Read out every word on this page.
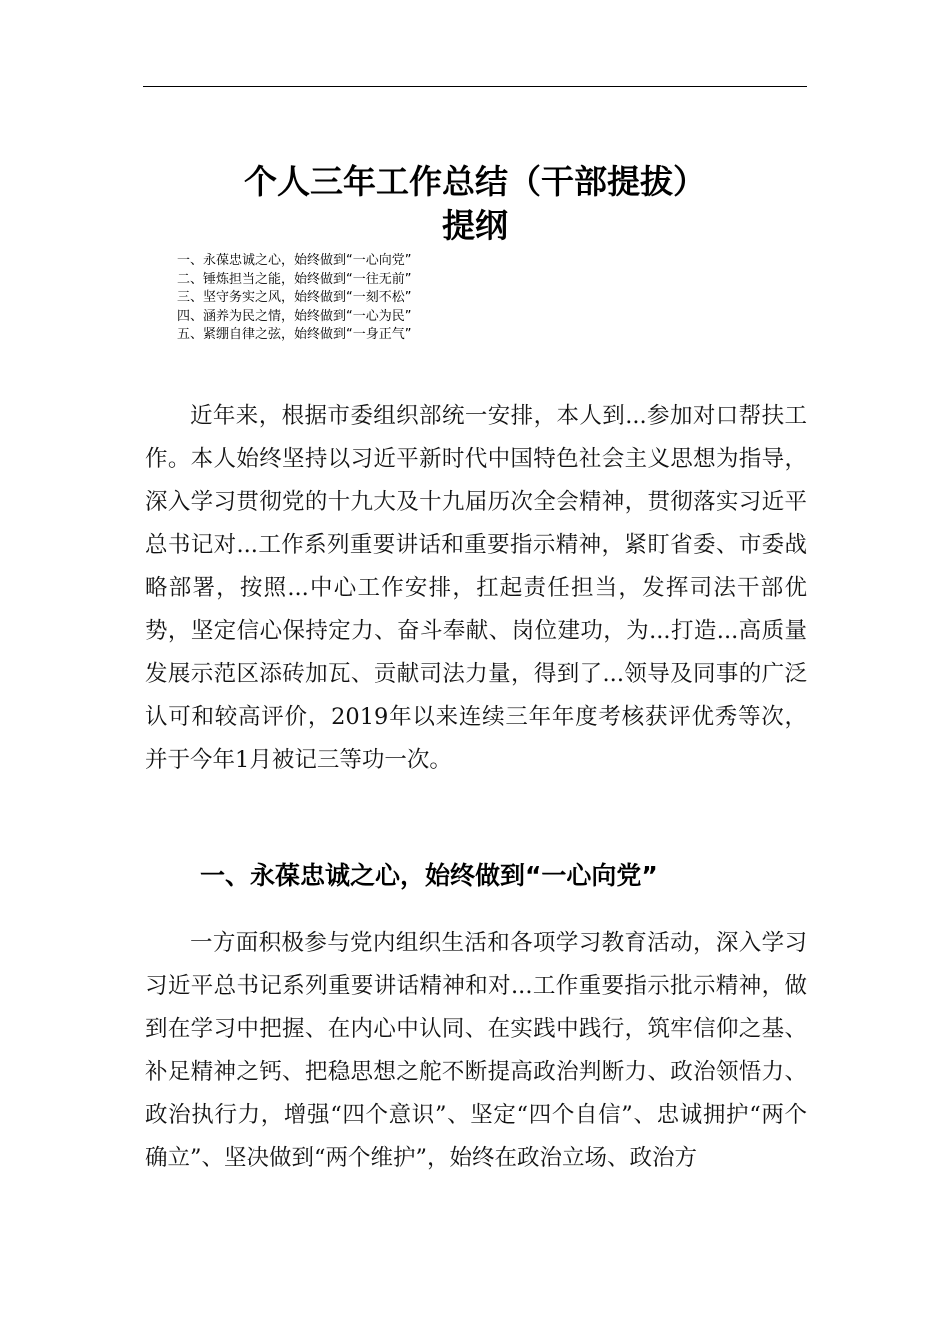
个人三年工作总结（干部提拔）
提纲
一、永葆忠诚之心，始终做到“一心向党”
二、锤炼担当之能，始终做到“一往无前”
三、坚守务实之风，始终做到“一刻不松”
四、涵养为民之情，始终做到“一心为民”
五、紧绷自律之弦，始终做到“一身正气”

近年来，根据市委组织部统一安排，本人到...参加对口帮扶工作。本人始终坚持以习近平新时代中国特色社会主义思想为指导，深入学习贯彻党的十九大及十九届历次全会精神，贯彻落实习近平总书记对...工作系列重要讲话和重要指示精神，紧盯省委、市委战略部署，按照...中心工作安排，扛起责任担当，发挥司法干部优势，坚定信心保持定力、奋斗奉献、岗位建功，为...打造...高质量发展示范区添砖加瓦、贡献司法力量，得到了...领导及同事的广泛认可和较高评价，2019年以来连续三年年度考核获评优秀等次，并于今年1月被记三等功一次。

一、永葆忠诚之心，始终做到“一心向党”

一方面积极参与党内组织生活和各项学习教育活动，深入学习习近平总书记系列重要讲话精神和对...工作重要指示批示精神，做到在学习中把握、在内心中认同、在实践中践行，筑牢信仰之基、补足精神之钙、把稳思想之舵不断提高政治判断力、政治领悟力、政治执行力，增强“四个意识”、坚定“四个自信”、忠诚拥护“两个确立”、坚决做到“两个维护”，始终在政治立场、政治方
